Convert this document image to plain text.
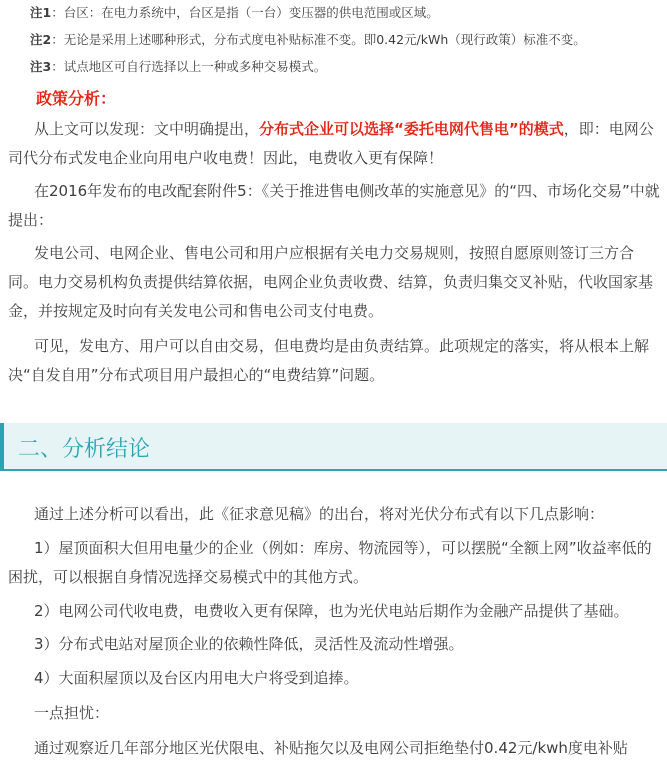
注1：台区：在电力系统中，台区是指（一台）变压器的供电范围或区域。
注2：无论是采用上述哪种形式，分布式度电补贴标准不变。即0.42元/kWh（现行政策）标准不变。
注3：试点地区可自行选择以上一种或多种交易模式。
政策分析：

从上文可以发现：文中明确提出，分布式企业可以选择“委托电网代售电”的模式，即：电网公司代分布式发电企业向用电户收电费！因此，电费收入更有保障！

在2016年发布的电改配套附件5：《关于推进售电侧改革的实施意见》的“四、市场化交易”中就提出：

发电公司、电网企业、售电公司和用户应根据有关电力交易规则，按照自愿原则签订三方合同。电力交易机构负责提供结算依据，电网企业负责收费、结算，负责归集交叉补贴，代收国家基金，并按规定及时向有关发电公司和售电公司支付电费。

可见，发电方、用户可以自由交易，但电费均是由负责结算。此项规定的落实，将从根本上解决“自发自用”分布式项目用户最担心的“电费结算”问题。

二、分析结论
通过上述分析可以看出，此《征求意见稿》的出台，将对光伏分布式有以下几点影响：

1）屋顶面积大但用电量少的企业（例如：库房、物流园等），可以摆脱“全额上网”收益率低的困扰，可以根据自身情况选择交易模式中的其他方式。

2）电网公司代收电费，电费收入更有保障，也为光伏电站后期作为金融产品提供了基础。
3）分布式电站对屋顶企业的依赖性降低，灵活性及流动性增强。
4）大面积屋顶以及台区内用电大户将受到追捧。
一点担忧：
通过观察近几年部分地区光伏限电、补贴拖欠以及电网公司拒绝垫付0.42元/kwh度电补贴
